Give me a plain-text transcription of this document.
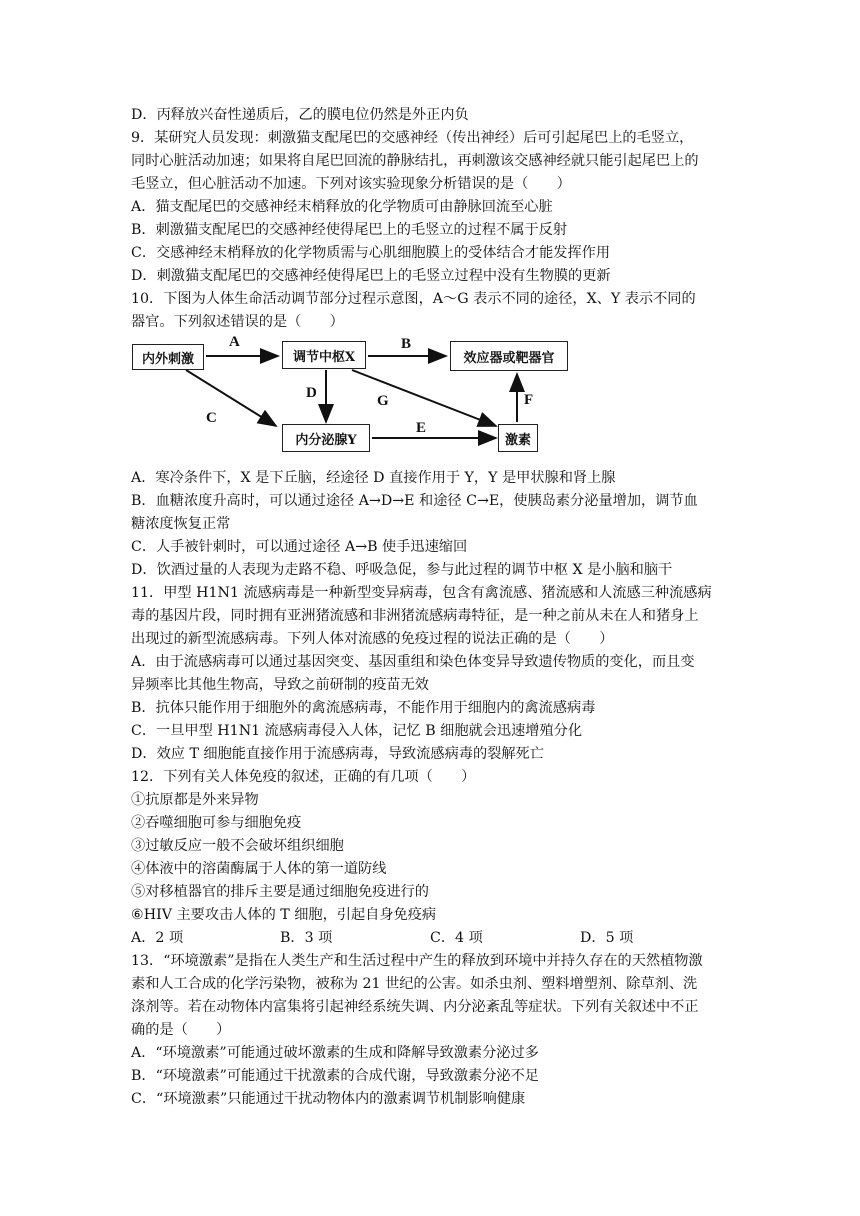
D．丙释放兴奋性递质后，乙的膜电位仍然是外正内负
9．某研究人员发现：刺激猫支配尾巴的交感神经（传出神经）后可引起尾巴上的毛竖立，
同时心脏活动加速；如果将自尾巴回流的静脉结扎，再刺激该交感神经就只能引起尾巴上的
毛竖立，但心脏活动不加速。下列对该实验现象分析错误的是（　　）
A．猫支配尾巴的交感神经末梢释放的化学物质可由静脉回流至心脏
B．刺激猫支配尾巴的交感神经使得尾巴上的毛竖立的过程不属于反射
C．交感神经末梢释放的化学物质需与心肌细胞膜上的受体结合才能发挥作用
D．刺激猫支配尾巴的交感神经使得尾巴上的毛竖立过程中没有生物膜的更新
10．下图为人体生命活动调节部分过程示意图，A～G 表示不同的途径，X、Y 表示不同的
器官。下列叙述错误的是（　　）
内外刺激	调节中枢X	效应器或靶器官
内分泌腺Y	激素
A	B
D	G
C
E
F
A．寒冷条件下，X 是下丘脑，经途径 D 直接作用于 Y，Y 是甲状腺和肾上腺
B．血糖浓度升高时，可以通过途径 A→D→E 和途径 C→E，使胰岛素分泌量增加，调节血
糖浓度恢复正常
C．人手被针刺时，可以通过途径 A→B 使手迅速缩回
D．饮酒过量的人表现为走路不稳、呼吸急促，参与此过程的调节中枢 X 是小脑和脑干
11．甲型 H1N1 流感病毒是一种新型变异病毒，包含有禽流感、猪流感和人流感三种流感病
毒的基因片段，同时拥有亚洲猪流感和非洲猪流感病毒特征，是一种之前从未在人和猪身上
出现过的新型流感病毒。下列人体对流感的免疫过程的说法正确的是（　　）
A．由于流感病毒可以通过基因突变、基因重组和染色体变异导致遗传物质的变化，而且变
异频率比其他生物高，导致之前研制的疫苗无效
B．抗体只能作用于细胞外的禽流感病毒，不能作用于细胞内的禽流感病毒
C．一旦甲型 H1N1 流感病毒侵入人体，记忆 B 细胞就会迅速增殖分化
D．效应 T 细胞能直接作用于流感病毒，导致流感病毒的裂解死亡
12．下列有关人体免疫的叙述，正确的有几项（　　）
①抗原都是外来异物
②吞噬细胞可参与细胞免疫
③过敏反应一般不会破坏组织细胞
④体液中的溶菌酶属于人体的第一道防线
⑤对移植器官的排斥主要是通过细胞免疫进行的
⑥HIV 主要攻击人体的 T 细胞，引起自身免疫病
A．2 项	B．3 项	C．4 项	D．5 项
13．“环境激素”是指在人类生产和生活过程中产生的释放到环境中并持久存在的天然植物激
素和人工合成的化学污染物，被称为 21 世纪的公害。如杀虫剂、塑料增塑剂、除草剂、洗
涤剂等。若在动物体内富集将引起神经系统失调、内分泌紊乱等症状。下列有关叙述中不正
确的是（　　）
A．“环境激素”可能通过破坏激素的生成和降解导致激素分泌过多
B．“环境激素”可能通过干扰激素的合成代谢，导致激素分泌不足
C．“环境激素”只能通过干扰动物体内的激素调节机制影响健康
